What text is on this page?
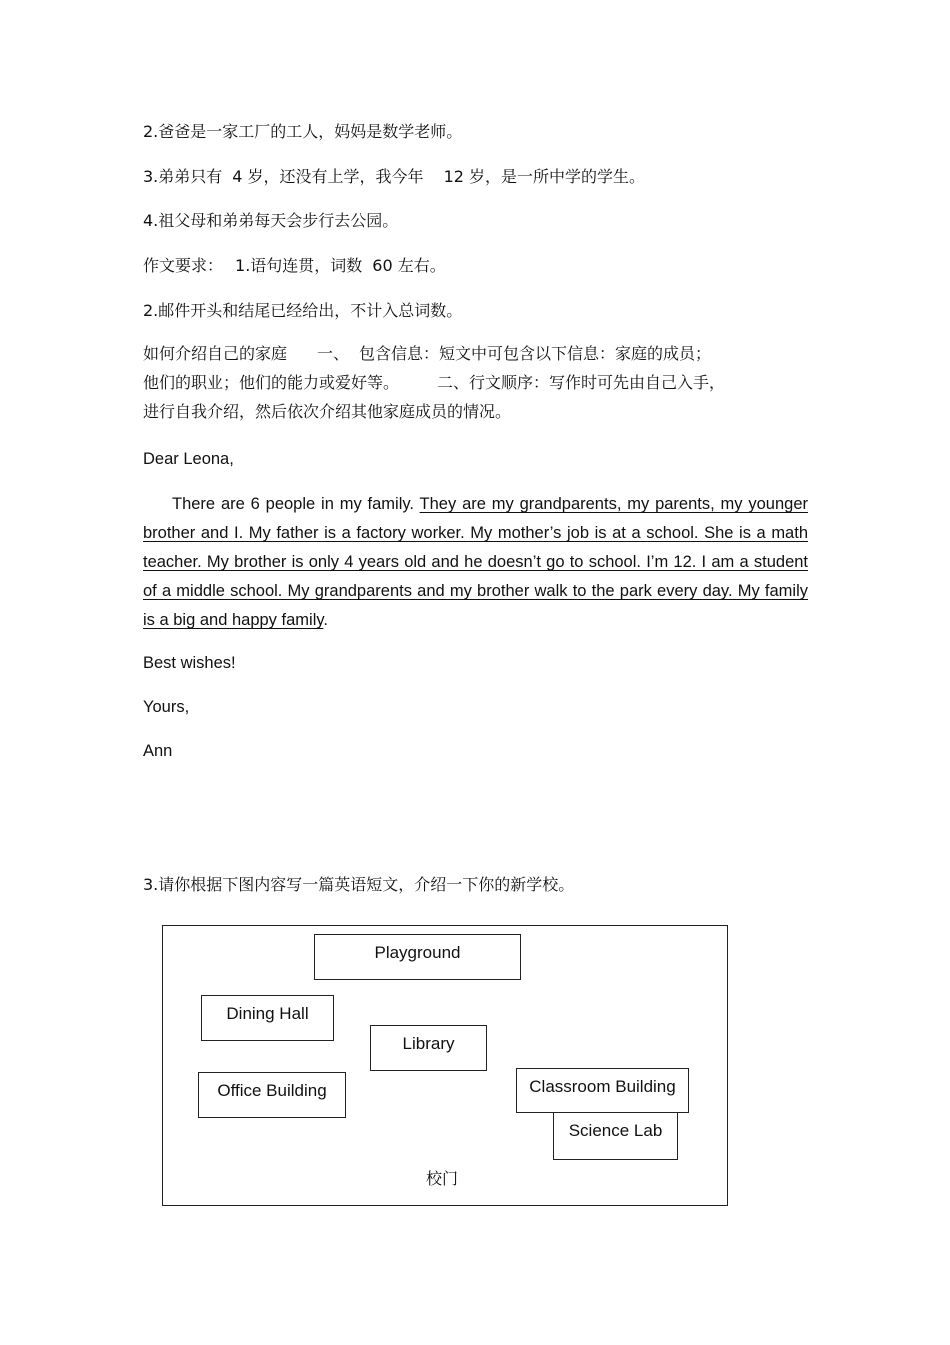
2.爸爸是一家工厂的工人，妈妈是数学老师。
3.弟弟只有 4 岁，还没有上学，我今年 12 岁，是一所中学的学生。
4.祖父母和弟弟每天会步行去公园。
作文要求： 1.语句连贯，词数 60 左右。
2.邮件开头和结尾已经给出，不计入总词数。
如何介绍自己的家庭 一、 包含信息：短文中可包含以下信息：家庭的成员；
他们的职业；他们的能力或爱好等。 二、行文顺序：写作时可先由自己入手，
进行自我介绍，然后依次介绍其他家庭成员的情况。
Dear Leona,
There are 6 people in my family. They are my grandparents, my parents, my younger brother and I. My father is a factory worker. My mother’s job is at a school. She is a math teacher. My brother is only 4 years old and he doesn’t go to school. I’m 12. I am a student of a middle school. My grandparents and my brother walk to the park every day. My family is a big and happy family.
Best wishes!
Yours,
Ann
3.请你根据下图内容写一篇英语短文，介绍一下你的新学校。
Playground
Dining Hall
Library
Office Building	Classroom Building
Science Lab
校门
